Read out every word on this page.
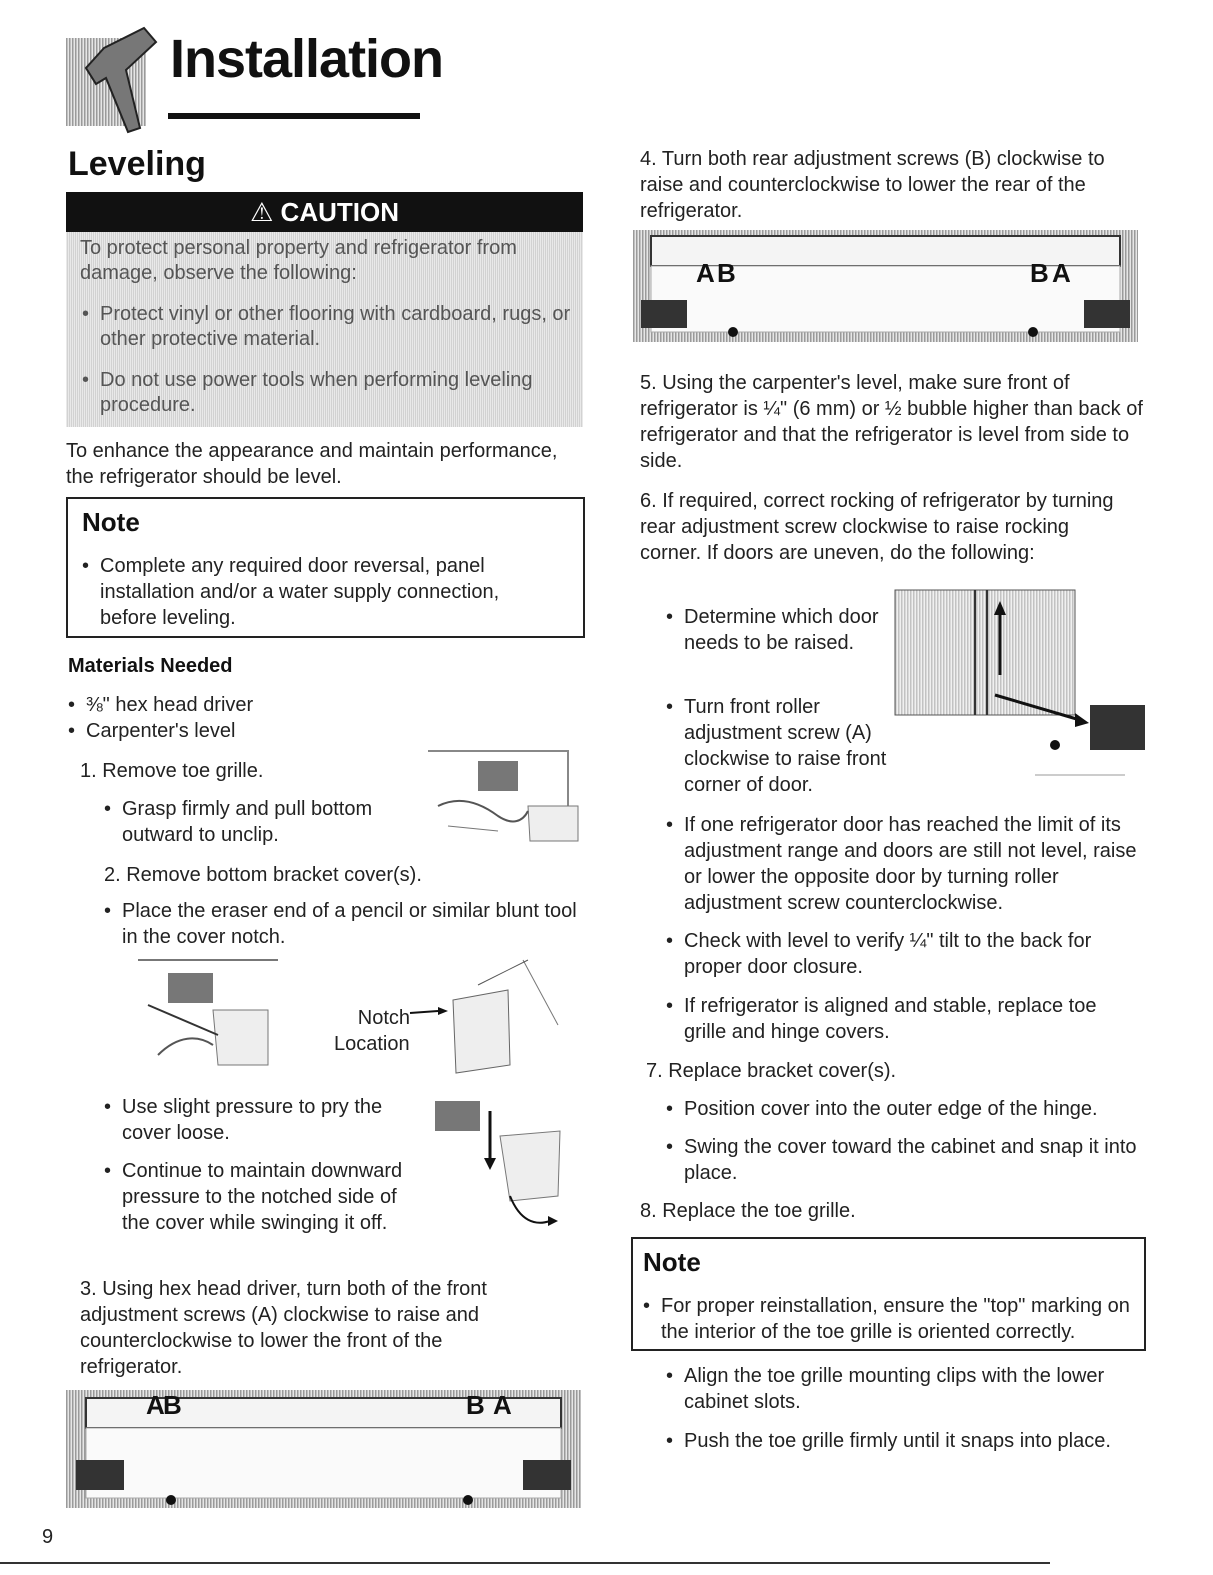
Installation
Leveling
⚠ CAUTION

To protect personal property and refrigerator from damage, observe the following:

• Protect vinyl or other flooring with cardboard, rugs, or other protective material.

• Do not use power tools when performing leveling procedure.

To enhance the appearance and maintain performance, the refrigerator should be level.
Note
• Complete any required door reversal, panel installation and/or a water supply connection, before leveling.
Materials Needed
• ⅜" hex head driver
• Carpenter's level
1. Remove toe grille.
• Grasp firmly and pull bottom outward to unclip.
2. Remove bottom bracket cover(s).
• Place the eraser end of a pencil or similar blunt tool in the cover notch.
Notch
Location
• Use slight pressure to pry the cover loose.
• Continue to maintain downward pressure to the notched side of the cover while swinging it off.
3. Using hex head driver, turn both of the front adjustment screws (A) clockwise to raise and counterclockwise to lower the front of the refrigerator.
A
B	B A
4. Turn both rear adjustment screws (B) clockwise to raise and counterclockwise to lower the rear of the refrigerator.
A B	B A
5. Using the carpenter's level, make sure front of refrigerator is ¼" (6 mm) or ½ bubble higher than back of refrigerator and that the refrigerator is level from side to side.
6. If required, correct rocking of refrigerator by turning rear adjustment screw clockwise to raise rocking corner. If doors are uneven, do the following:
• Determine which door needs to be raised.
• Turn front roller adjustment screw (A) clockwise to raise front corner of door.
• If one refrigerator door has reached the limit of its adjustment range and doors are still not level, raise or lower the opposite door by turning roller adjustment screw counterclockwise.
• Check with level to verify ¼" tilt to the back for proper door closure.
• If refrigerator is aligned and stable, replace toe grille and hinge covers.
7. Replace bracket cover(s).
• Position cover into the outer edge of the hinge.
• Swing the cover toward the cabinet and snap it into place.
8. Replace the toe grille.
Note
• For proper reinstallation, ensure the "top" marking on the interior of the toe grille is oriented correctly.
• Align the toe grille mounting clips with the lower cabinet slots.
• Push the toe grille firmly until it snaps into place.
9
